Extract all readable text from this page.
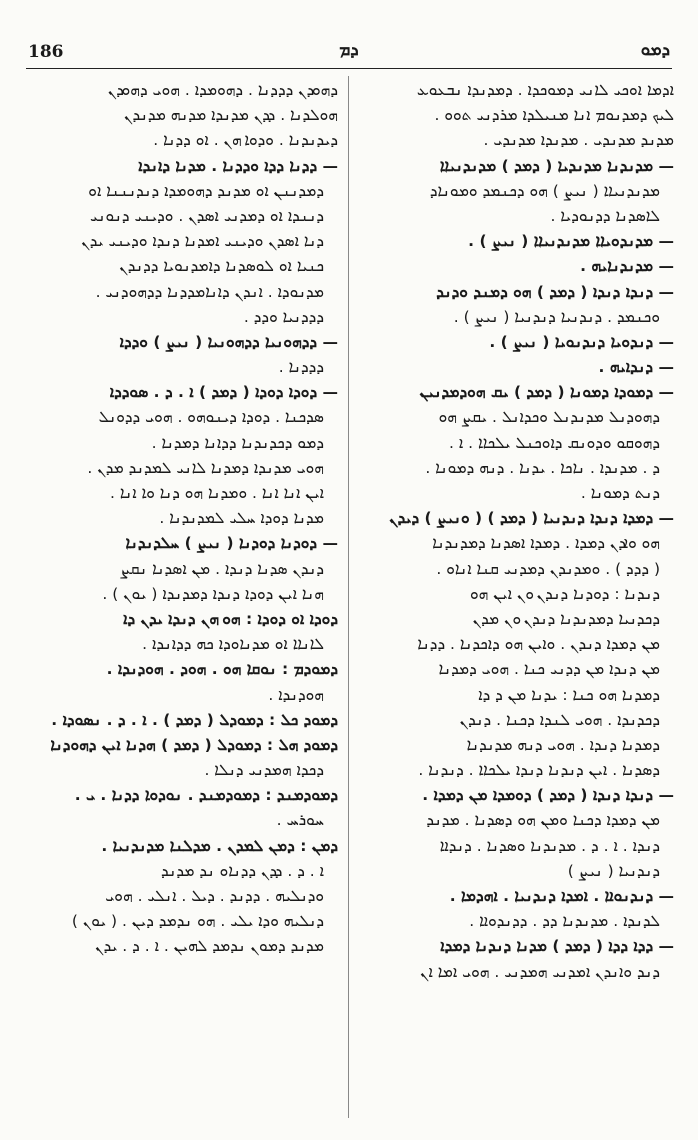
186	ܕܡ	ܕܡܘ
ܐܕܡܐ ܐܘܟܝ ܠܐܢܝ ܕܡܘܟܕܐ . ܕܡܕܢܕܐ ܢܒܥܘܥ
ܠܝܟ ܕܡܕܢܘܡ ܐܢܐ ܡܢܝܠܕܐ ܡܪܕܢܝ ܬܘܘ .
ܡܕܢܕ ܡܕܢܕܝ . ܡܕܢܕܐ ܡܕܢܕܝ .
— ܡܕܢܕܢܐ ܡܕܢܕܝܐ ( ܕܡܕ ) ܡܕܢܕܢܝܐܐ
ܡܕܢܕܢܝܐܐ ( ܢܝܨ ) ܗܘ ܕܟܢܡܕ ܘܡܘܢܐܕ
ܠܐܣܕܢܐ ܕܕܢܘܕܝܐ .
— ܡܕܢܕܘܝܐܐ ܡܕܢܕܢܝܐܐ ( ܢܝܨ ) .
— ܡܕܢܕܢܐܝܗ .
— ܕܢܕܐ ܕܢܕܐ ( ܕܡܕ ) ܗܘ ܕܡܢܕ ܘܕܢܕ
ܘܟܢܡܕ . ܕܢܕܢܝܐ ܕܢܕܢܝܐ ( ܢܝܨ ) .
— ܕܢܕܘܝܐ ܕܢܕܢܘܝܐ ( ܢܝܨ ) .
— ܕܢܕܐܝܗ .
— ܕܡܘܕܐ ܕܡܘܢܐ ( ܕܡܕ ) ܝܩ ܗܘܕܡܕܢܝܢ
ܕܗܘܕܢܠ ܡܕܢܕܢܠ ܘܟܕܐܢܠ . ܝܩܨ ܗܘ
ܕܗܘܩܘ ܘܕܘܢܩ ܕܐܘܟܢܠ ܝܠܟܐܐ . ܐ .
ܕ . ܡܕܢܕܐ . ܢܐܟܐ . ܝܕܢܐ . ܕܢܗ ܕܡܘܢܐ .
ܕܢܬ ܕܡܘܢܐ .
— ܕܡܕܐ ܕܢܕܐ ܕܢܕܢܝܐ ( ܕܡܕ ) ( ܘܢܝܨ ) ܕܝܕܢ
ܗܘ ܘܐܕܢ ܕܡܕܐ . ܕܡܕܐ ܐܣܕܢܐ ܕܡܕܢܕܢܐ
( ܕܕܕ ) . ܘܡܕܢܕܢ ܕܡܕܢܝ ܩܢܐ ܐܢܐܘ .
ܕܢܕܢܐ : ܕܘܕܢܐ ܕܢܕܢ ܘܢ ܐܝܢ ܗܘ
ܕܟܕܢܝܐ ܕܡܕܢܕܢܐ ܕܢܕܢ ܘܢ ܡܕܢ
ܡܢ ܕܡܕܐ ܕܢܕܢ . ܘܐܝܢ ܗܘ ܕܐܟܕܢܐ . ܕܕܢܐ
ܡܢ ܕܢܕܐ ܡܢ ܕܕܢܝ ܟܢܐ . ܗܘܝ ܕܡܕܢܐ
ܕܡܕܢܐ ܗܘ ܟܢܐ : ܝܕܢܐ ܡܢ ܕ ܕܐ
ܕܟܕܢܕܐ . ܗܘܝ ܠܢܕܐ ܕܟܢܐ . ܕܢܕܢ
ܕܡܕܢܐ ܕܢܕܐ . ܗܘܝ ܕܢܗ ܡܕܢܕܢܐ
ܕܣܕܢܐ . ܐܝܢ ܕܢܕܢܐ ܕܢܕܐ ܝܠܟܐܐ . ܕܢܕܢܐ .
— ܕܢܕܐ ܕܢܕܐ ( ܕܡܕ ) ܕܘܡܕܐ ܡܢ ܕܡܕܐ .
ܡܢ ܕܡܕܐ ܕܟܢܐ ܘܡܢ ܗܘ ܕܣܕܢܐ . ܡܕܢܕ
ܕܢܕܐ . ܐ . ܕ . ܡܕܢܕܢܐ ܘܣܕܢܐ . ܕܢܕܐܐ
ܕܢܕܢܝܐ ( ܢܝܨ )
— ܕܢܕܢܘܐܐ . ܐܡܕܐ ܕܢܕܢܝܐ . ܐܗܕܡܐ .
ܠܕܢܕܐ . ܡܕܢܕܢܐ ܕܕ . ܕܕܢܕܘܐܐ .
— ܕܕܐ ܕܕܐ ( ܕܡܕ ) ܡܕܢܐ ܕܢܕܢܐ ܕܡܕܐ
ܕܢܕ ܘܐܢܕܢ ܐܡܕܢܝ ܗܡܕܢܝ . ܗܘܝ ܐܡܐ ܐܢ
ܕܗܘܕܢ ܕܕܕܢܐ . ܕܗܘܡܕܐ . ܗܘܝ ܕܗܘܕܢ
ܗܘܠܕܢܐ . ܕܕܢ ܡܕܢܕܐ ܡܕܢܗ ܡܕܢܕܢ
ܕܝܕܢܕܢܐ . ܘܕܘܐ ܗܢ . ܐܘ ܕܕܢܐ .
— ܕܕܢܐ ܕܕܐ ܘܕܕܢܐ . ܡܕܢܐ ܕܐܢܕܐ
ܕܡܕܢܢܢ ܐܘ ܡܕܢܕ ܕܗܘܡܕܐ ܕܢܕܢܢܢܐ ܐܘ
ܕܢܢܕܐ ܐܘ ܕܡܕܢܝ ܐܣܕܢ . ܘܕܝܢܝ ܕܢܘܢܝ
ܕܢܐ ܐܣܕܢ ܘܕܝܢܝ ܐܡܕܢܐ ܕܢܕܐ ܘܕܝܢܝ ܝܕܢ
ܟܢܝܐ ܐܘ ܠܘܣܕܢܐ ܕܐܡܕܢܘܝܐ ܕܕܢܕܢ
ܡܕܢܘܕܐ . ܐܢܕܢ ܕܐܢܐܡܕܕܢܐ ܕܕܗܘܕܢܝ .
ܕܕܕܢܝܐ ܘܕܕ .
— ܕܕܗܘܢܝܐ ܕܕܗܘܢܝܐ ( ܢܝܨ ) ܘܕܕܐ
ܕܕܕܢܐ .
— ܕܘܕܐ ܕܘܕܐ ( ܕܡܕ ) ܐ . ܕ . ܣܘܕܕܐ
ܣܕܟܢܐ . ܕܘܕܐ ܕܝܢܘܗܘ . ܗܘܝ ܕܕܘܢܠ
ܕܡܘ ܕܟܕܢܕܢܐ ܕܕܐܢܐ ܕܡܕܢܐ .
ܗܘܝ ܡܕܢܕܐ ܕܡܕܢܐ ܠܐܢܝ ܠܡܕܢܕ ܡܕܢ .
ܐܝܢ ܐܢܐ ܐܢܐ . ܘܡܕܢܐ ܗܘ ܕܢܐ ܘܐ ܐܢܐ .
ܡܕܢܐ ܕܘܕܐ ܚܠܝ ܠܡܕܢܕܢܐ .
— ܕܘܕܢܐ ܕܘܕܢܐ ( ܢܝܨ ) ܚܠܕܢܕܢܐ
ܕܢܕܢ ܣܕܢܐ ܕܢܕܐ . ܡܢ ܐܣܕܢܐ ܢܩܨ
ܗܢܐ ܐܝܢ ܕܘܕܐ ܕܢܕܐ ܕܡܕܢܕܐ ( ܝܘܢ ) .
ܕܘܕܐ ܐܘ ܕܘܕܐ : ܗܘ ܗܢ ܕܢܕܐ ܝܕܢ ܕܐ
ܠܐܢܐܐ ܐܘ ܡܕܢܐܘܕܐ ܟܗ ܕܕܐܢܕܐ .
ܕܡܘܕܡ : ܢܘܩܐ ܗܘ . ܗܘܕ . ܗܘܕܢܕܐ .
ܗܘܕܢܕܐ .
ܕܡܘܕ ܟܠ : ܕܡܘܕܠ ( ܕܡܕ ) . ܐ . ܕ . ܢܣܘܕܐ .
ܕܡܘܕ ܗܠ : ܕܡܘܕܠ ( ܕܡܕ ) ܗܕܢܐ ܐܝܢ ܕܗܘܕܢܐ
ܕܟܕܐ ܗܡܕܢܝ ܕܢܠܐ .
ܕܡܘܕܡܢܕ : ܕܡܘܕܡܢܕ . ܢܘܕܘܐ ܕܕܢܐ . ܝ .
ܚܘܪܚ .
ܕܡܢ : ܕܡܢ ܠܡܕܢ . ܡܕܠܢܐ ܡܕܢܕܢܝܐ .
ܐ . ܕ . ܕܕܢ ܕܕܢܐܘ ܢܕ ܡܕܢܕ
ܘܕܢܠܝܗ . ܕܕܢܕ . ܕܝܠ . ܐܢܠܝ . ܗܘܝ
ܕܢܠܝܗ ܘܕܐ ܝܠܝ . ܗܘ ܢܕܡܕ ܕܝܢ . ( ܝܘܢ )
ܡܕܢܕ ܕܡܘܢ ܢܕܡܕ ܠܗܝܢ . ܐ . ܕ . ܝܕܢ
